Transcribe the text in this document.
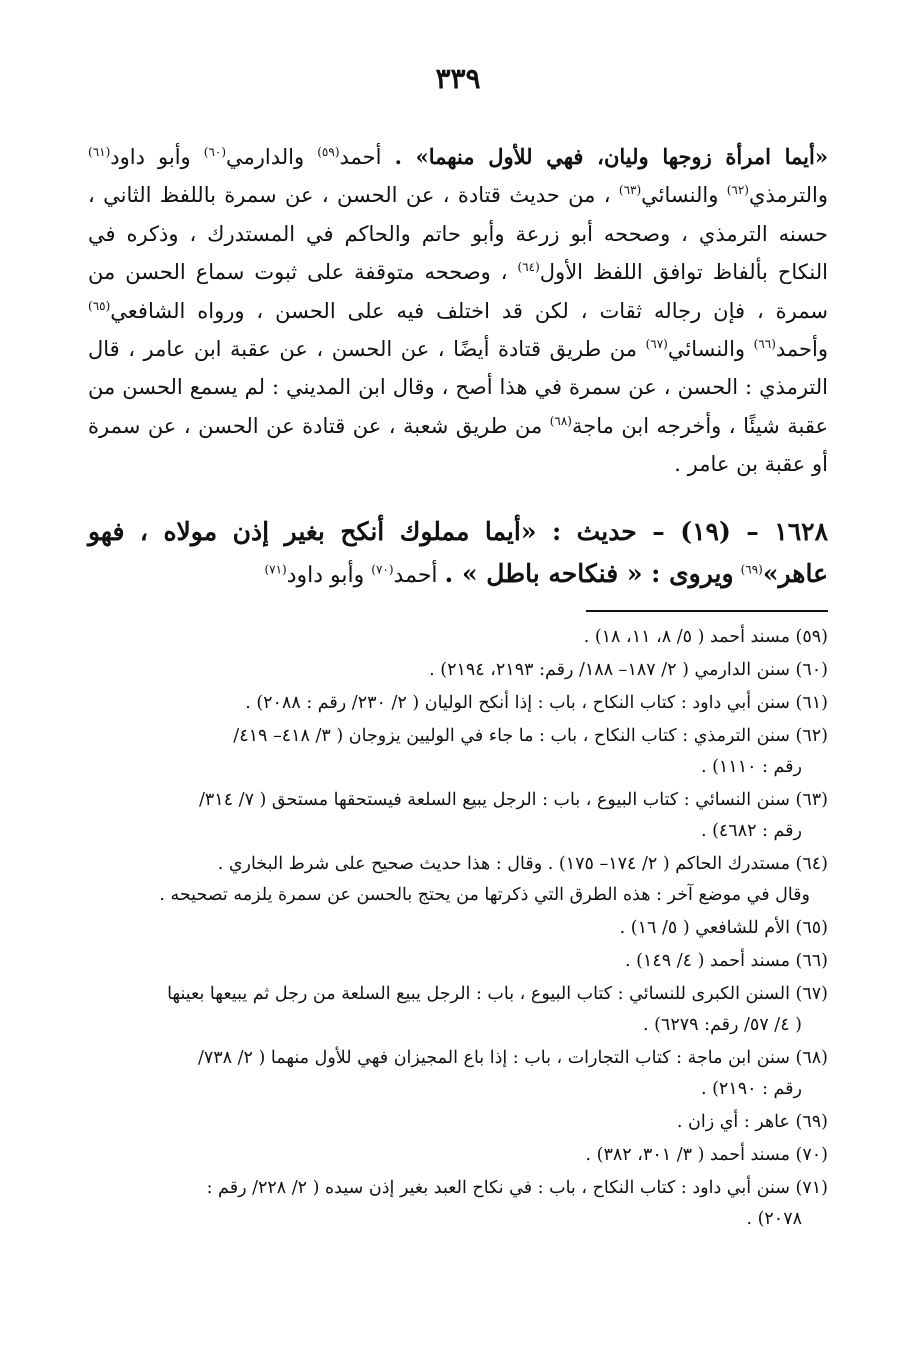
٣٣٩
«أيما امرأة زوجها وليان، فهي للأول منهما» . أحمد$^{(٥٩)}$ والدارمي$^{(٦٠)}$ وأبو داود$^{(٦١)}$ والترمذي$^{(٦٢)}$ والنسائي$^{(٦٣)}$ ، من حديث قتادة ، عن الحسن ، عن سمرة باللفظ الثاني ، حسنه الترمذي ، وصححه أبو زرعة وأبو حاتم والحاكم في المستدرك ، وذكره في النكاح بألفاظ توافق اللفظ الأول$^{(٦٤)}$ ، وصححه متوقفة على ثبوت سماع الحسن من سمرة ، فإن رجاله ثقات ، لكن قد اختلف فيه على الحسن ، ورواه الشافعي$^{(٦٥)}$ وأحمد$^{(٦٦)}$ والنسائي$^{(٦٧)}$ من طريق قتادة أيضًا ، عن الحسن ، عن عقبة ابن عامر ، قال الترمذي : الحسن ، عن سمرة في هذا أصح ، وقال ابن المديني : لم يسمع الحسن من عقبة شيئًا ، وأخرجه ابن ماجة$^{(٦٨)}$ من طريق شعبة ، عن قتادة عن الحسن ، عن سمرة أو عقبة بن عامر .
١٦٢٨ – (١٩) – حديث : «أيما مملوك أنكح بغير إذن مولاه ، فهو عاهر»$^{(٦٩)}$ ويروى : « فنكاحه باطل » . أحمد$^{(٧٠)}$ وأبو داود$^{(٧١)}$
(٥٩) مسند أحمد ( ٥/ ٨، ١١، ١٨) .
(٦٠) سنن الدارمي ( ٢/ ١٨٧– ١٨٨/ رقم: ٢١٩٣، ٢١٩٤) .
(٦١) سنن أبي داود : كتاب النكاح ، باب : إذا أنكح الوليان ( ٢/ ٢٣٠/ رقم : ٢٠٨٨) .
(٦٢) سنن الترمذي : كتاب النكاح ، باب : ما جاء في الوليين يزوجان ( ٣/ ٤١٨– ٤١٩/
رقم : ١١١٠) .
(٦٣) سنن النسائي : كتاب البيوع ، باب : الرجل يبيع السلعة فيستحقها مستحق ( ٧/ ٣١٤/
رقم : ٤٦٨٢) .
(٦٤) مستدرك الحاكم ( ٢/ ١٧٤– ١٧٥) . وقال : هذا حديث صحيح على شرط البخاري .
وقال في موضع آخر : هذه الطرق التي ذكرتها من يحتج بالحسن عن سمرة يلزمه تصحيحه .
(٦٥) الأم للشافعي ( ٥/ ١٦) .
(٦٦) مسند أحمد ( ٤/ ١٤٩) .
(٦٧) السنن الكبرى للنسائي : كتاب البيوع ، باب : الرجل يبيع السلعة من رجل ثم يبيعها بعينها
( ٤/ ٥٧/ رقم: ٦٢٧٩) .
(٦٨) سنن ابن ماجة : كتاب التجارات ، باب : إذا باع المجيزان فهي للأول منهما ( ٢/ ٧٣٨/
رقم : ٢١٩٠) .
(٦٩) عاهر : أي زان .
(٧٠) مسند أحمد ( ٣/ ٣٠١، ٣٨٢) .
(٧١) سنن أبي داود : كتاب النكاح ، باب : في نكاح العبد بغير إذن سيده ( ٢/ ٢٢٨/ رقم :
٢٠٧٨) .
